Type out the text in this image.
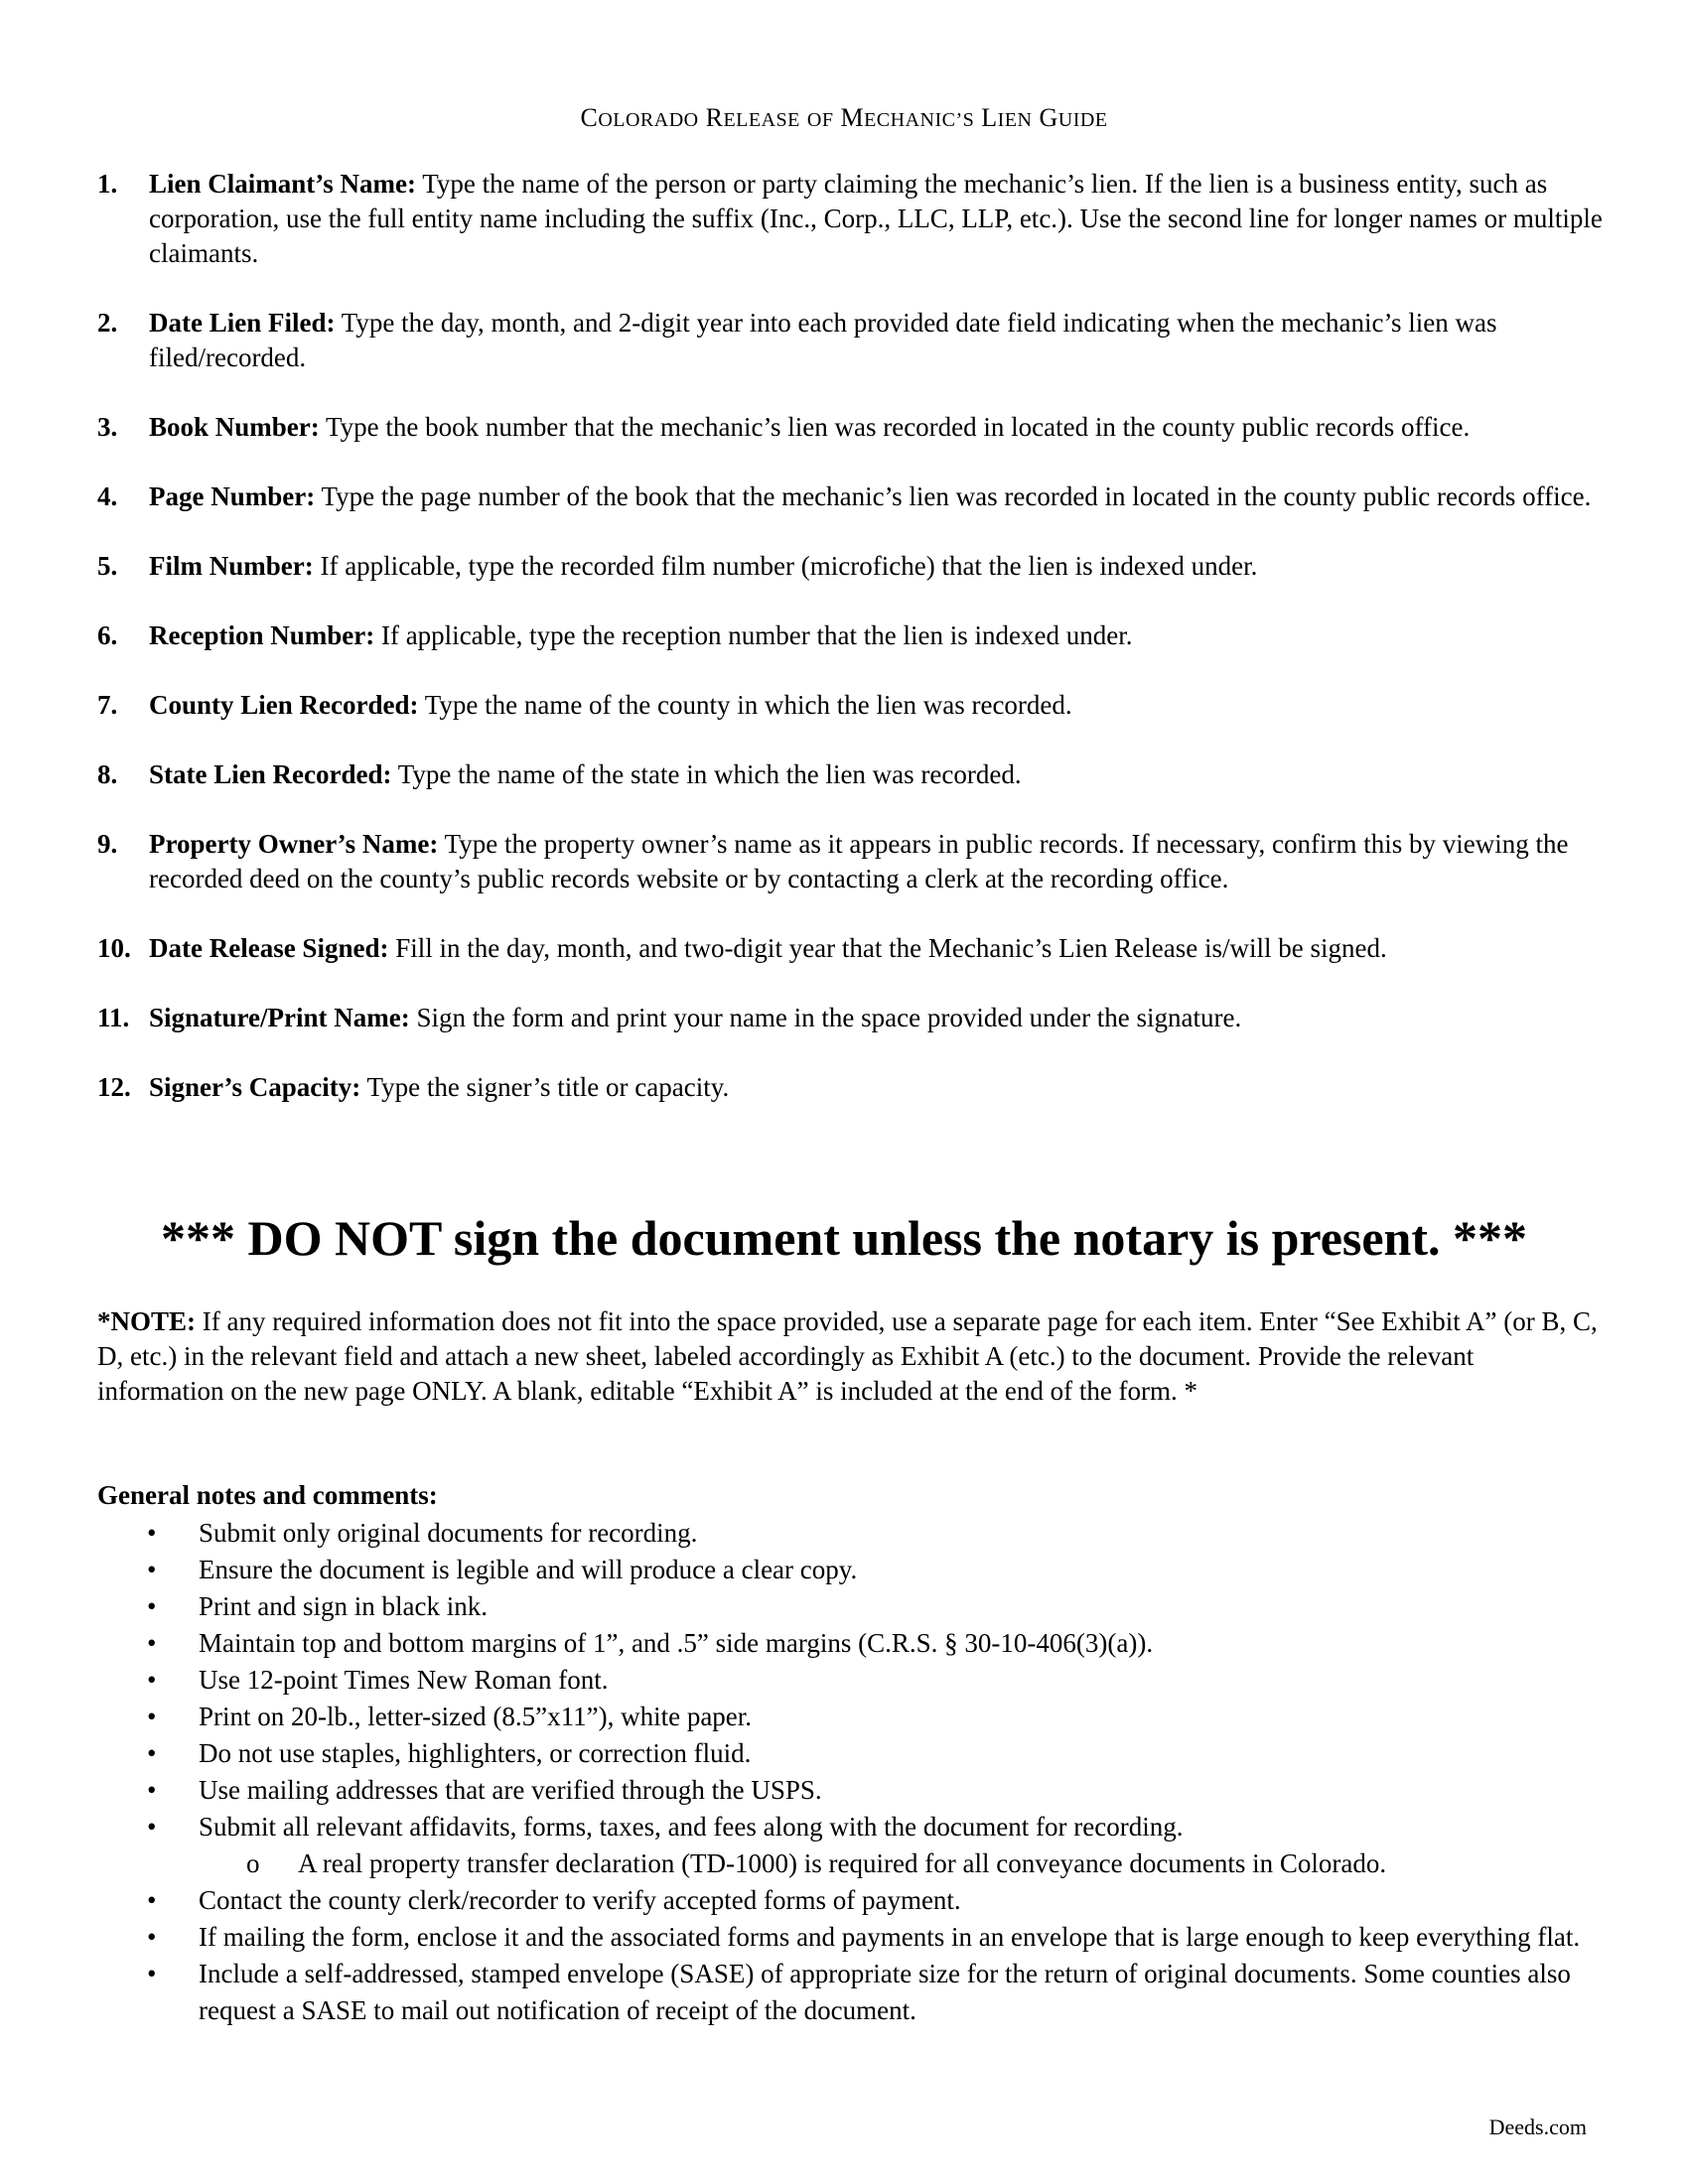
COLORADO RELEASE OF MECHANIC’S LIEN GUIDE
1. Lien Claimant’s Name: Type the name of the person or party claiming the mechanic’s lien. If the lien is a business entity, such as corporation, use the full entity name including the suffix (Inc., Corp., LLC, LLP, etc.). Use the second line for longer names or multiple claimants.
2. Date Lien Filed: Type the day, month, and 2-digit year into each provided date field indicating when the mechanic’s lien was filed/recorded.
3. Book Number: Type the book number that the mechanic’s lien was recorded in located in the county public records office.
4. Page Number: Type the page number of the book that the mechanic’s lien was recorded in located in the county public records office.
5. Film Number: If applicable, type the recorded film number (microfiche) that the lien is indexed under.
6. Reception Number: If applicable, type the reception number that the lien is indexed under.
7. County Lien Recorded: Type the name of the county in which the lien was recorded.
8. State Lien Recorded: Type the name of the state in which the lien was recorded.
9. Property Owner’s Name: Type the property owner’s name as it appears in public records. If necessary, confirm this by viewing the recorded deed on the county’s public records website or by contacting a clerk at the recording office.
10. Date Release Signed: Fill in the day, month, and two-digit year that the Mechanic’s Lien Release is/will be signed.
11. Signature/Print Name: Sign the form and print your name in the space provided under the signature.
12. Signer’s Capacity: Type the signer’s title or capacity.
*** DO NOT sign the document unless the notary is present. ***
*NOTE: If any required information does not fit into the space provided, use a separate page for each item. Enter “See Exhibit A” (or B, C, D, etc.) in the relevant field and attach a new sheet, labeled accordingly as Exhibit A (etc.) to the document. Provide the relevant information on the new page ONLY. A blank, editable “Exhibit A” is included at the end of the form. *
General notes and comments:
• Submit only original documents for recording.
• Ensure the document is legible and will produce a clear copy.
• Print and sign in black ink.
• Maintain top and bottom margins of 1”, and .5” side margins (C.R.S. § 30-10-406(3)(a)).
• Use 12-point Times New Roman font.
• Print on 20-lb., letter-sized (8.5”x11”), white paper.
• Do not use staples, highlighters, or correction fluid.
• Use mailing addresses that are verified through the USPS.
• Submit all relevant affidavits, forms, taxes, and fees along with the document for recording.
o A real property transfer declaration (TD-1000) is required for all conveyance documents in Colorado.
• Contact the county clerk/recorder to verify accepted forms of payment.
• If mailing the form, enclose it and the associated forms and payments in an envelope that is large enough to keep everything flat.
• Include a self-addressed, stamped envelope (SASE) of appropriate size for the return of original documents. Some counties also request a SASE to mail out notification of receipt of the document.
Deeds.com
